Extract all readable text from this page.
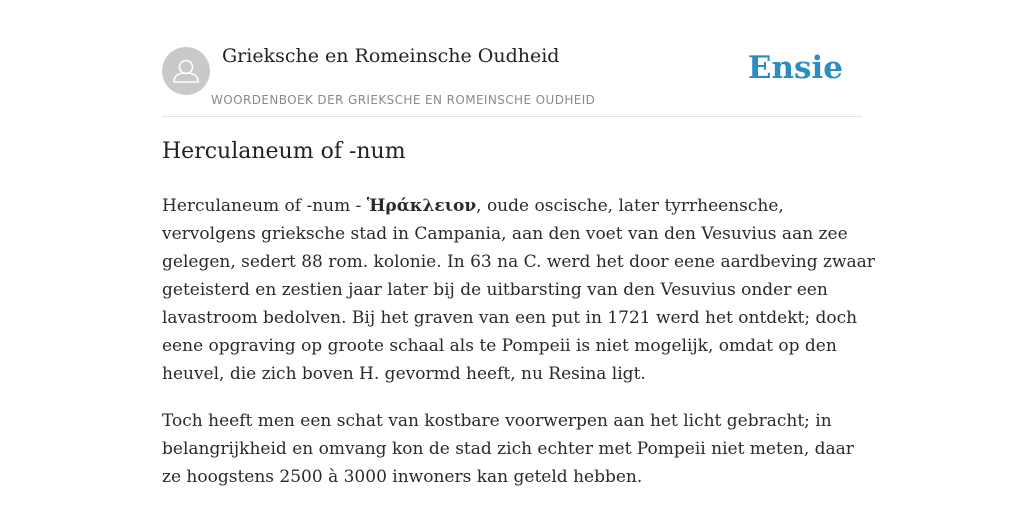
Grieksche en Romeinsche Oudheid
WOORDENBOEK DER GRIEKSCHE EN ROMEINSCHE OUDHEID
Ensie
Herculaneum of -num

Herculaneum of -num - Ἡράκλειον, oude oscische, later tyrrheensche,
vervolgens grieksche stad in Campania, aan den voet van den Vesuvius aan zee
gelegen, sedert 88 rom. kolonie. In 63 na C. werd het door eene aardbeving zwaar
geteisterd en zestien jaar later bij de uitbarsting van den Vesuvius onder een
lavastroom bedolven. Bij het graven van een put in 1721 werd het ontdekt; doch
eene opgraving op groote schaal als te Pompeii is niet mogelijk, omdat op den
heuvel, die zich boven H. gevormd heeft, nu Resina ligt.

Toch heeft men een schat van kostbare voorwerpen aan het licht gebracht; in
belangrijkheid en omvang kon de stad zich echter met Pompeii niet meten, daar
ze hoogstens 2500 à 3000 inwoners kan geteld hebben.
